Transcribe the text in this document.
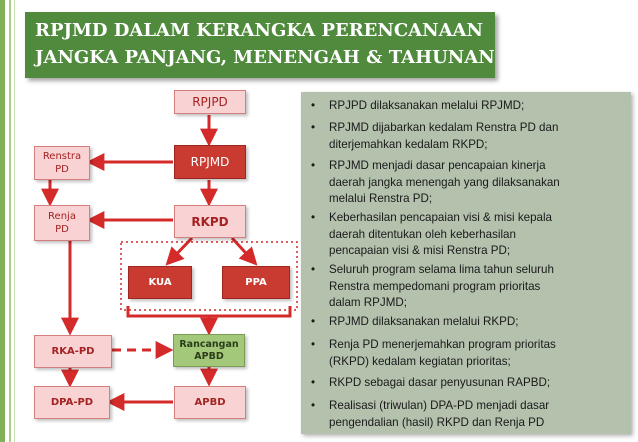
RPJMD DALAM KERANGKA PERENCANAAN
JANGKA PANJANG, MENENGAH & TAHUNAN
RPJPD
RPJMD
RKPD
Renstra
PD
Renja
PD
KUA	PPA
Rancangan
APBD
RKA-PD
DPA-PD	APBD
• RPJPD dilaksanakan melalui RPJMD;
• RPJMD dijabarkan kedalam Renstra PD dan
diterjemahkan kedalam RKPD;
• RPJMD menjadi dasar pencapaian kinerja
daerah jangka menengah yang dilaksanakan
melalui Renstra PD;
• Keberhasilan pencapaian visi & misi kepala
daerah ditentukan oleh keberhasilan
pencapaian visi & misi Renstra PD;
• Seluruh program selama lima tahun seluruh
Renstra mempedomani program prioritas
dalam RPJMD;
• RPJMD dilaksanakan melalui RKPD;
• Renja PD menerjemahkan program prioritas
(RKPD) kedalam kegiatan prioritas;
• RKPD sebagai dasar penyusunan RAPBD;
• Realisasi (triwulan) DPA-PD menjadi dasar
pengendalian (hasil) RKPD dan Renja PD
